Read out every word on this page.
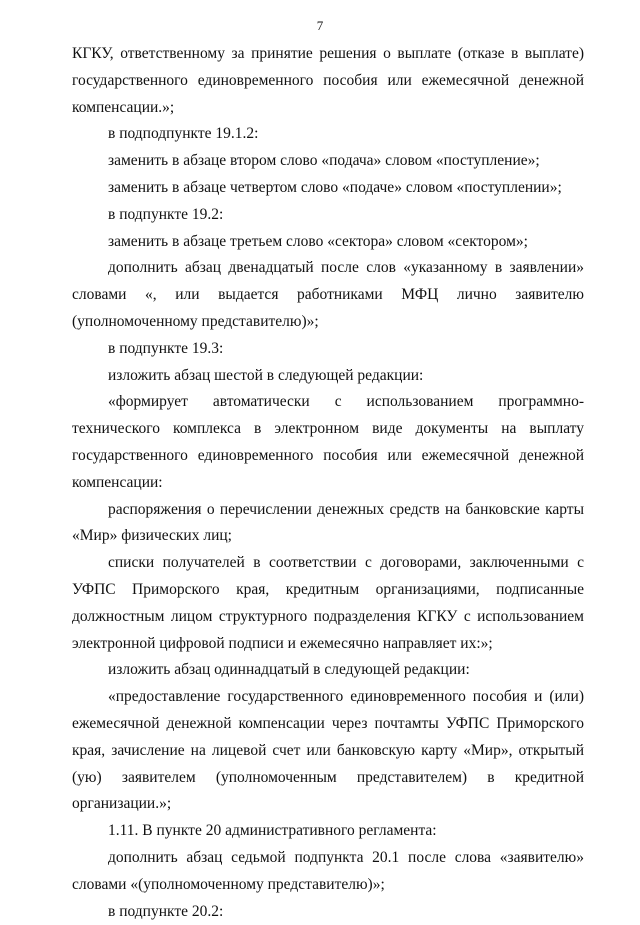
7

КГКУ, ответственному за принятие решения о выплате (отказе в выплате) государственного единовременного пособия или ежемесячной денежной компенсации.»;

в подподпункте 19.1.2:

заменить в абзаце втором слово «подача» словом «поступление»;

заменить в абзаце четвертом слово «подаче» словом «поступлении»;

в подпункте 19.2:

заменить в абзаце третьем слово «сектора» словом «сектором»;

дополнить абзац двенадцатый после слов «указанному в заявлении» словами «, или выдается работниками МФЦ лично заявителю (уполномоченному представителю)»;

в подпункте 19.3:

изложить абзац шестой в следующей редакции:

«формирует автоматически с использованием программно-технического комплекса в электронном виде документы на выплату государственного единовременного пособия или ежемесячной денежной компенсации:

распоряжения о перечислении денежных средств на банковские карты «Мир» физических лиц;

списки получателей в соответствии с договорами, заключенными с УФПС Приморского края, кредитным организациями, подписанные должностным лицом структурного подразделения КГКУ с использованием электронной цифровой подписи и ежемесячно направляет их:»;

изложить абзац одиннадцатый в следующей редакции:

«предоставление государственного единовременного пособия и (или) ежемесячной денежной компенсации через почтамты УФПС Приморского края, зачисление на лицевой счет или банковскую карту «Мир», открытый (ую) заявителем (уполномоченным представителем) в кредитной организации.»;

1.11. В пункте 20 административного регламента:

дополнить абзац седьмой подпункта 20.1 после слова «заявителю» словами «(уполномоченному представителю)»;

в подпункте 20.2:
